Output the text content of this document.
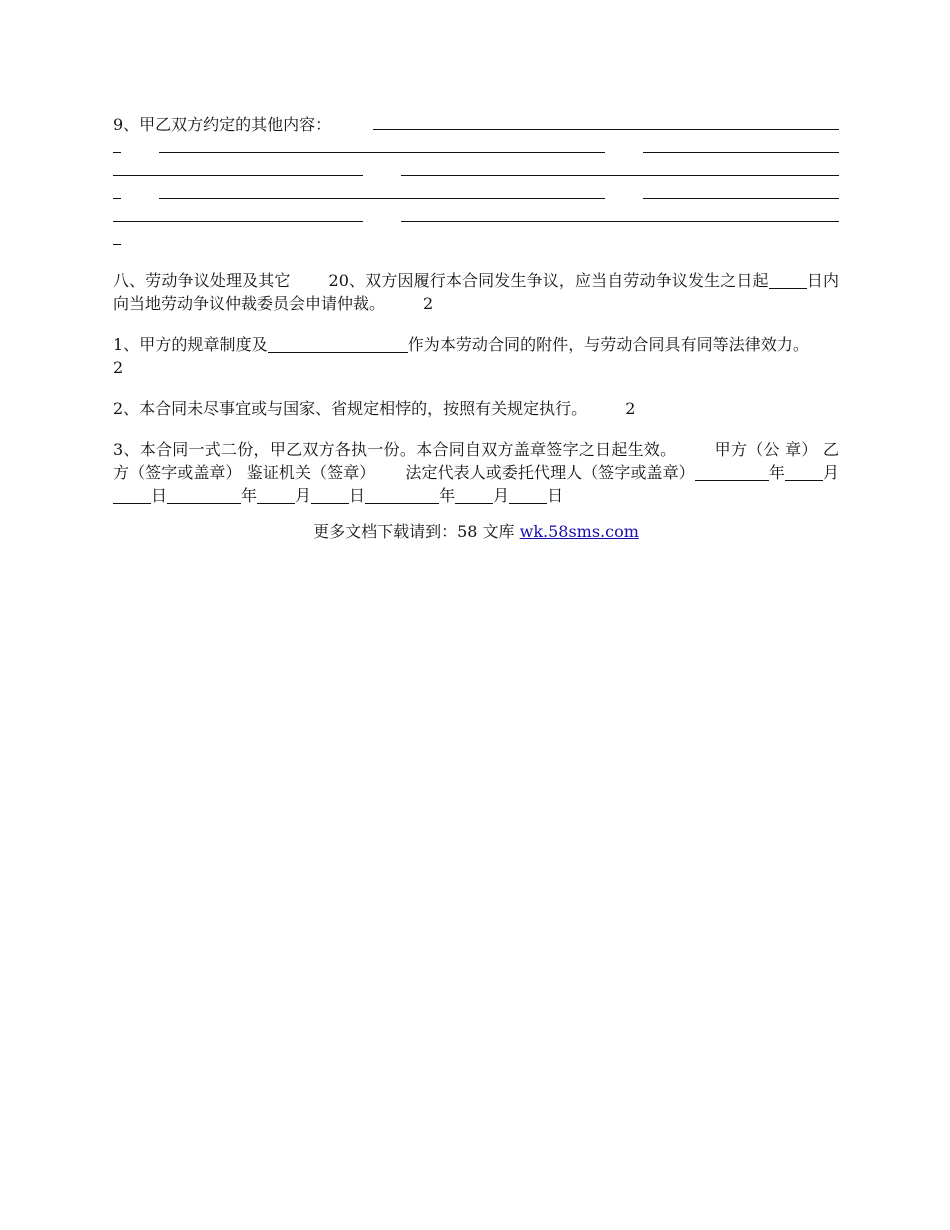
9、甲乙双方约定的其他内容：

八、劳动争议处理及其它 20、双方因履行本合同发生争议，应当自劳动争议发生之日起 日内向当地劳动争议仲裁委员会申请仲裁。 2

1、甲方的规章制度及	作为本劳动合同的附件，与劳动合同具有同等法律效力。2

2、本合同未尽事宜或与国家、省规定相悖的，按照有关规定执行。 2

3、本合同一式二份，甲乙双方各执一份。本合同自双方盖章签字之日起生效。 甲方（公 章） 乙方（签字或盖章） 鉴证机关（签章） 法定代表人或委托代理人（签字或盖章）	年 月日	年 月 日	年 月 日

更多文档下载请到：58 文库 wk.58sms.com
